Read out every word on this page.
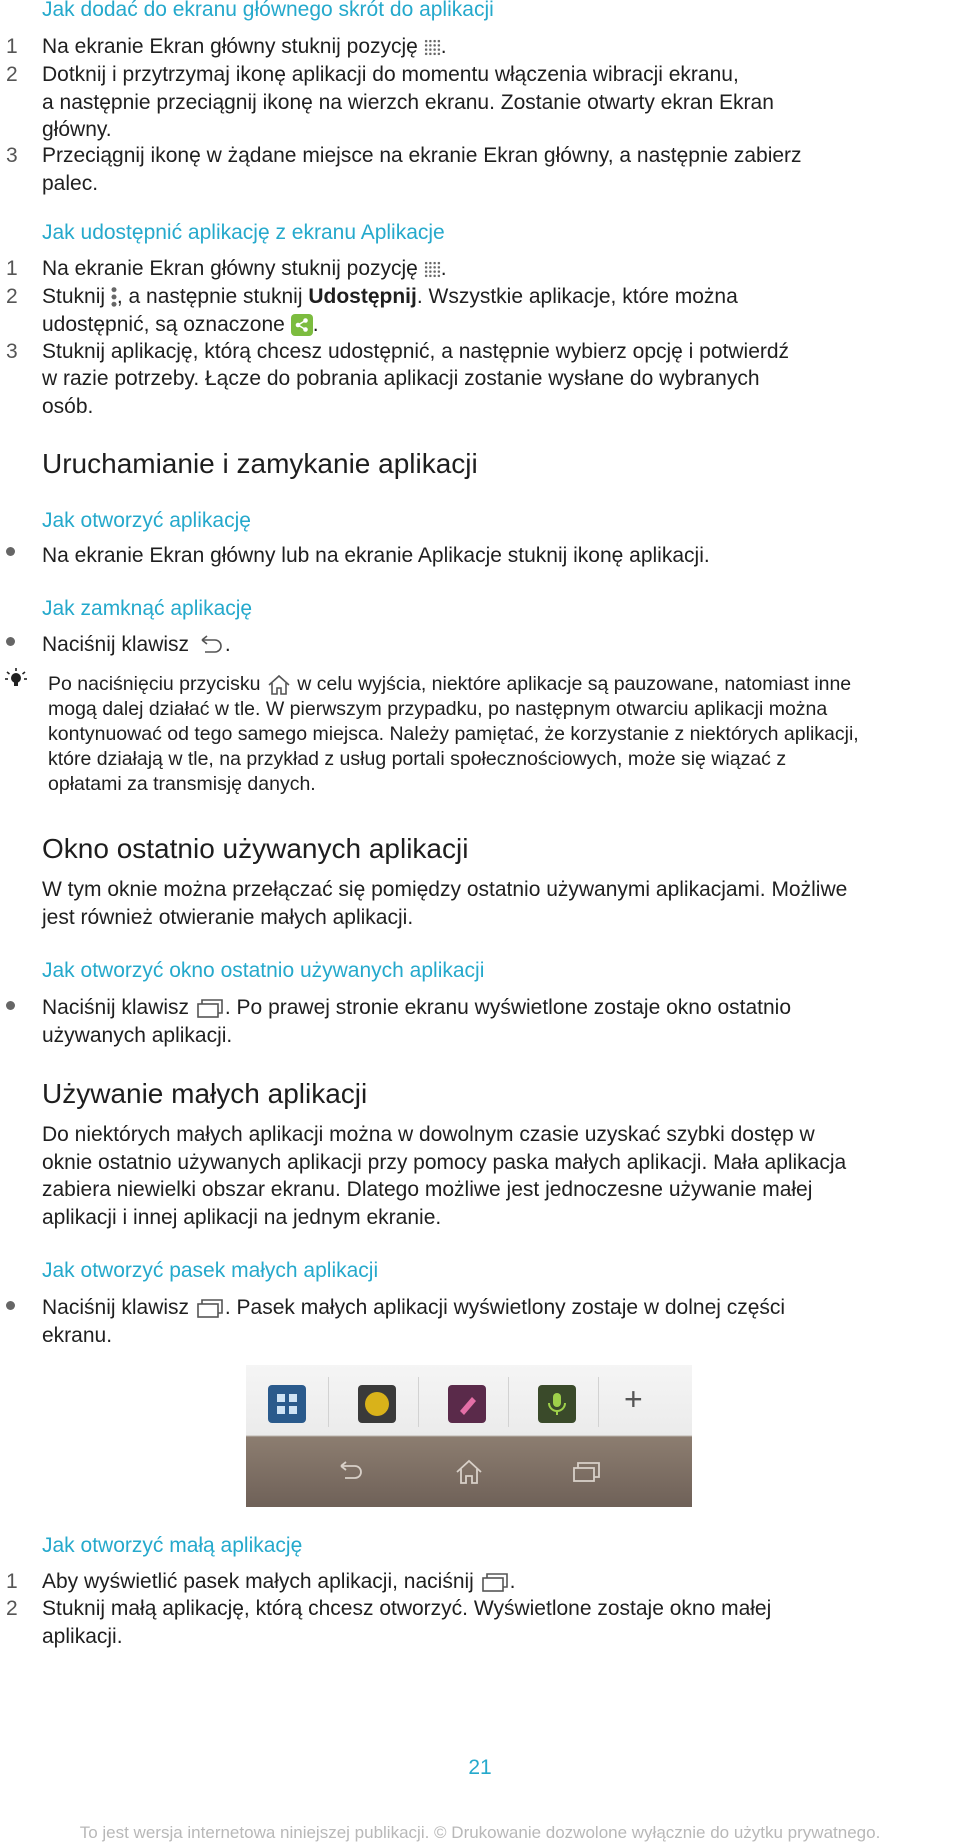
Jak dodać do ekranu głównego skrót do aplikacji
1 Na ekranie Ekran główny stuknij pozycję .
2 Dotknij i przytrzymaj ikonę aplikacji do momentu włączenia wibracji ekranu,
a następnie przeciągnij ikonę na wierzch ekranu. Zostanie otwarty ekran Ekran
główny.
3 Przeciągnij ikonę w żądane miejsce na ekranie Ekran główny, a następnie zabierz
palec.
Jak udostępnić aplikację z ekranu Aplikacje
1 Na ekranie Ekran główny stuknij pozycję .
2 Stuknij , a następnie stuknij Udostępnij. Wszystkie aplikacje, które można
udostępnić, są oznaczone .
3 Stuknij aplikację, którą chcesz udostępnić, a następnie wybierz opcję i potwierdź
w razie potrzeby. Łącze do pobrania aplikacji zostanie wysłane do wybranych
osób.
Uruchamianie i zamykanie aplikacji
Jak otworzyć aplikację
Na ekranie Ekran główny lub na ekranie Aplikacje stuknij ikonę aplikacji.
Jak zamknąć aplikację
Naciśnij klawisz .
Po naciśnięciu przycisku w celu wyjścia, niektóre aplikacje są pauzowane, natomiast inne
mogą dalej działać w tle. W pierwszym przypadku, po następnym otwarciu aplikacji można
kontynuować od tego samego miejsca. Należy pamiętać, że korzystanie z niektórych aplikacji,
które działają w tle, na przykład z usług portali społecznościowych, może się wiązać z
opłatami za transmisję danych.
Okno ostatnio używanych aplikacji
W tym oknie można przełączać się pomiędzy ostatnio używanymi aplikacjami. Możliwe
jest również otwieranie małych aplikacji.
Jak otworzyć okno ostatnio używanych aplikacji
Naciśnij klawisz . Po prawej stronie ekranu wyświetlone zostaje okno ostatnio
używanych aplikacji.
Używanie małych aplikacji
Do niektórych małych aplikacji można w dowolnym czasie uzyskać szybki dostęp w
oknie ostatnio używanych aplikacji przy pomocy paska małych aplikacji. Mała aplikacja
zabiera niewielki obszar ekranu. Dlatego możliwe jest jednoczesne używanie małej
aplikacji i innej aplikacji na jednym ekranie.
Jak otworzyć pasek małych aplikacji
Naciśnij klawisz . Pasek małych aplikacji wyświetlony zostaje w dolnej części
ekranu.
+
Jak otworzyć małą aplikację
1 Aby wyświetlić pasek małych aplikacji, naciśnij .
2 Stuknij małą aplikację, którą chcesz otworzyć. Wyświetlone zostaje okno małej
aplikacji.
21
To jest wersja internetowa niniejszej publikacji. © Drukowanie dozwolone wyłącznie do użytku prywatnego.
